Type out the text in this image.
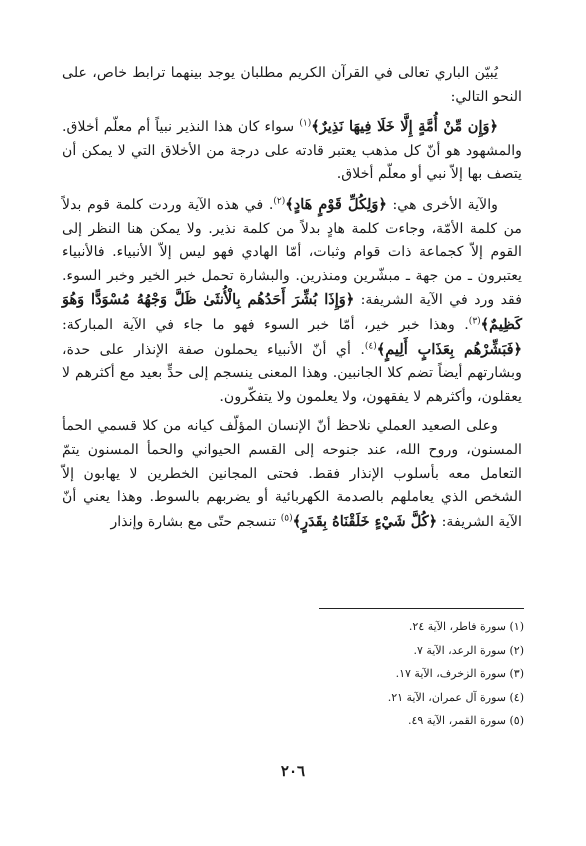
يُبيّن الباري تعالى في القرآن الكريم مطلبان يوجد بينهما ترابط خاص، على النحو التالي:

﴿وَإِن مِّنْ أُمَّةٍ إِلَّا خَلَا فِيهَا نَذِيرٌ﴾$^{(١)}$ سواء كان هذا النذير نبياً أم معلّم أخلاق. والمشهود هو أنّ كل مذهب يعتبر قادته على درجة من الأخلاق التي لا يمكن أن يتصف بها إلاّ نبي أو معلّم أخلاق.

والآية الأخرى هي: ﴿وَلِكُلِّ قَوْمٍ هَادٍ﴾$^{(٢)}$. في هذه الآية وردت كلمة قوم بدلاً من كلمة الأمّة، وجاءت كلمة هادٍ بدلاً من كلمة نذير. ولا يمكن هنا النظر إلى القوم إلاّ كجماعة ذات قوام وثبات، أمّا الهادي فهو ليس إلاّ الأنبياء. فالأنبياء يعتبرون ـ من جهة ـ مبشّرين ومنذرين. والبشارة تحمل خبر الخير وخبر السوء. فقد ورد في الآية الشريفة: ﴿وَإِذَا بُشِّرَ أَحَدُهُم بِالْأُنثَىٰ ظَلَّ وَجْهُهُ مُسْوَدًّا وَهُوَ كَظِيمٌ﴾$^{(٣)}$. وهذا خبر خير، أمّا خبر السوء فهو ما جاء في الآية المباركة: ﴿فَبَشِّرْهُم بِعَذَابٍ أَلِيمٍ﴾$^{(٤)}$. أي أنّ الأنبياء يحملون صفة الإنذار على حدة، وبشارتهم أيضاً تضم كلا الجانبين. وهذا المعنى ينسجم إلى حدٍّ بعيد مع أكثرهم لا يعقلون، وأكثرهم لا يفقهون، ولا يعلمون ولا يتفكّرون.

وعلى الصعيد العملي نلاحظ أنّ الإنسان المؤلّف كيانه من كلا قسمي الحمأ المسنون، وروح الله، عند جنوحه إلى القسم الحيواني والحمأ المسنون يتمّ التعامل معه بأسلوب الإنذار فقط. فحتى المجانين الخطرين لا يهابون إلاّ الشخص الذي يعاملهم بالصدمة الكهربائية أو يضربهم بالسوط. وهذا يعني أنّ الآية الشريفة: ﴿كُلَّ شَيْءٍ خَلَقْنَاهُ بِقَدَرٍ﴾$^{(٥)}$ تنسجم حتّى مع بشارة وإنذار

(١) سورة فاطر، الآية ٢٤.
(٢) سورة الرعد، الآية ٧.
(٣) سورة الزخرف، الآية ١٧.
(٤) سورة آل عمران، الآية ٢١.
(٥) سورة القمر، الآية ٤٩.
٢٠٦
